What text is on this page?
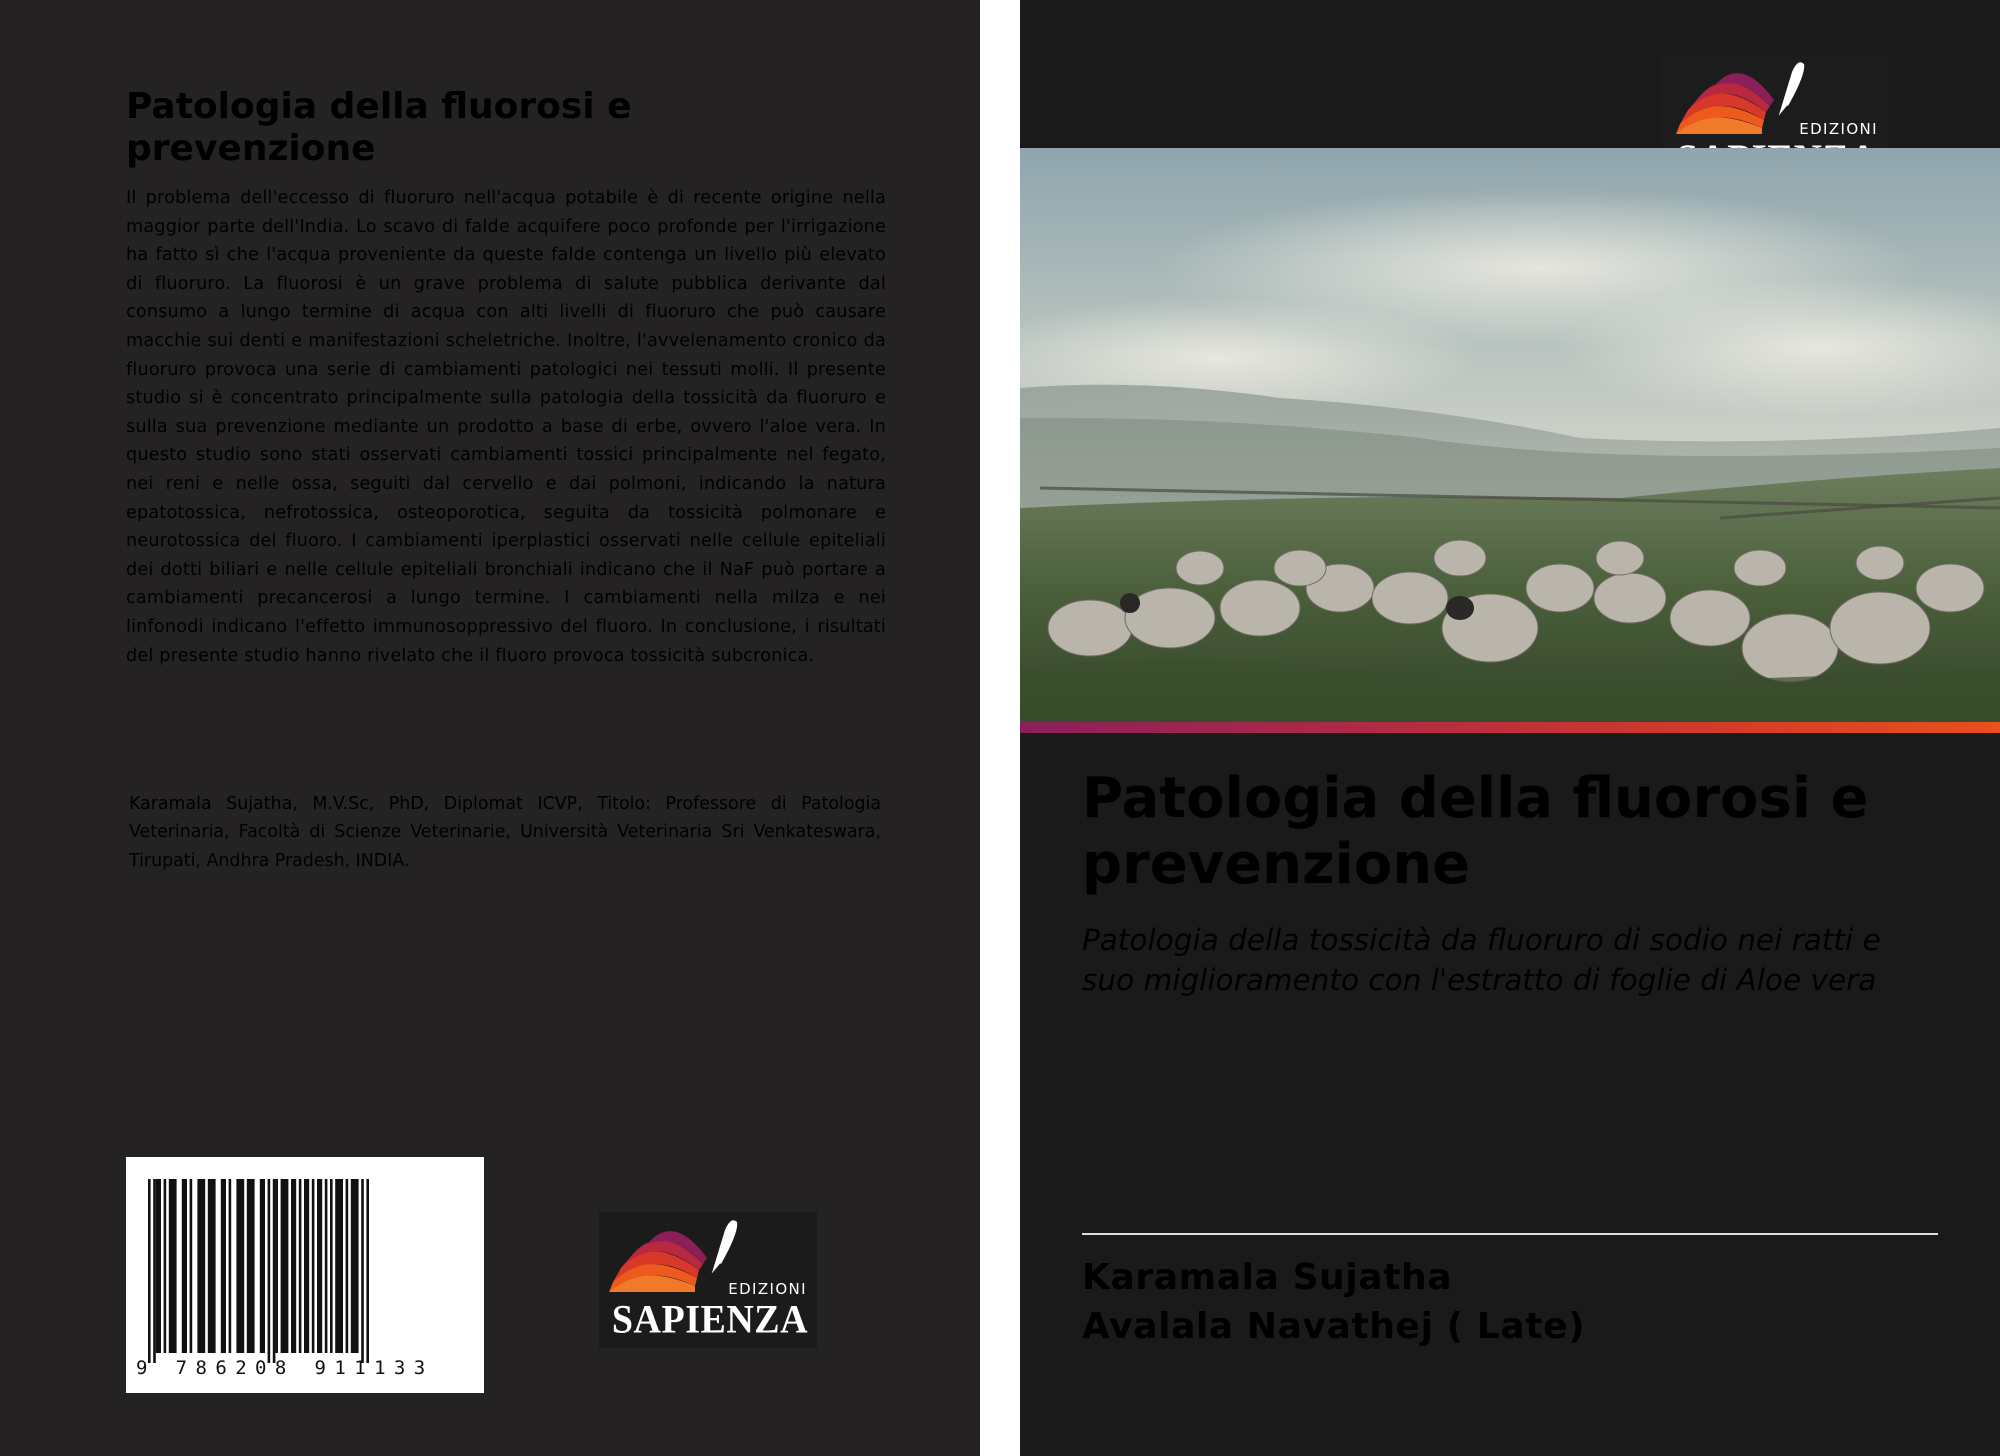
Patologia della fluorosi e prevenzione

Il problema dell'eccesso di fluoruro nell'acqua potabile è di recente origine nella maggior parte dell'India. Lo scavo di falde acquifere poco profonde per l'irrigazione ha fatto sì che l'acqua proveniente da queste falde contenga un livello più elevato di fluoruro. La fluorosi è un grave problema di salute pubblica derivante dal consumo a lungo termine di acqua con alti livelli di fluoruro che può causare macchie sui denti e manifestazioni scheletriche. Inoltre, l'avvelenamento cronico da fluoruro provoca una serie di cambiamenti patologici nei tessuti molli. Il presente studio si è concentrato principalmente sulla patologia della tossicità da fluoruro e sulla sua prevenzione mediante un prodotto a base di erbe, ovvero l'aloe vera. In questo studio sono stati osservati cambiamenti tossici principalmente nel fegato, nei reni e nelle ossa, seguiti dal cervello e dai polmoni, indicando la natura epatotossica, nefrotossica, osteoporotica, seguita da tossicità polmonare e neurotossica del fluoro. I cambiamenti iperplastici osservati nelle cellule epiteliali dei dotti biliari e nelle cellule epiteliali bronchiali indicano che il NaF può portare a cambiamenti precancerosi a lungo termine. I cambiamenti nella milza e nei linfonodi indicano l'effetto immunosoppressivo del fluoro. In conclusione, i risultati del presente studio hanno rivelato che il fluoro provoca tossicità subcronica.

Karamala Sujatha, M.V.Sc, PhD, Diplomat ICVP, Titolo: Professore di Patologia Veterinaria, Facoltà di Scienze Veterinarie, Università Veterinaria Sri Venkateswara, Tirupati, Andhra Pradesh, INDIA.

9 786208 911133
EDIZIONI
SAPIENZA
EDIZIONI
Patologia della fluorosi e prevenzione

Patologia della tossicità da fluoruro di sodio nei ratti e suo miglioramento con l'estratto di foglie di Aloe vera

Karamala Sujatha
Avalala Navathej ( Late)
